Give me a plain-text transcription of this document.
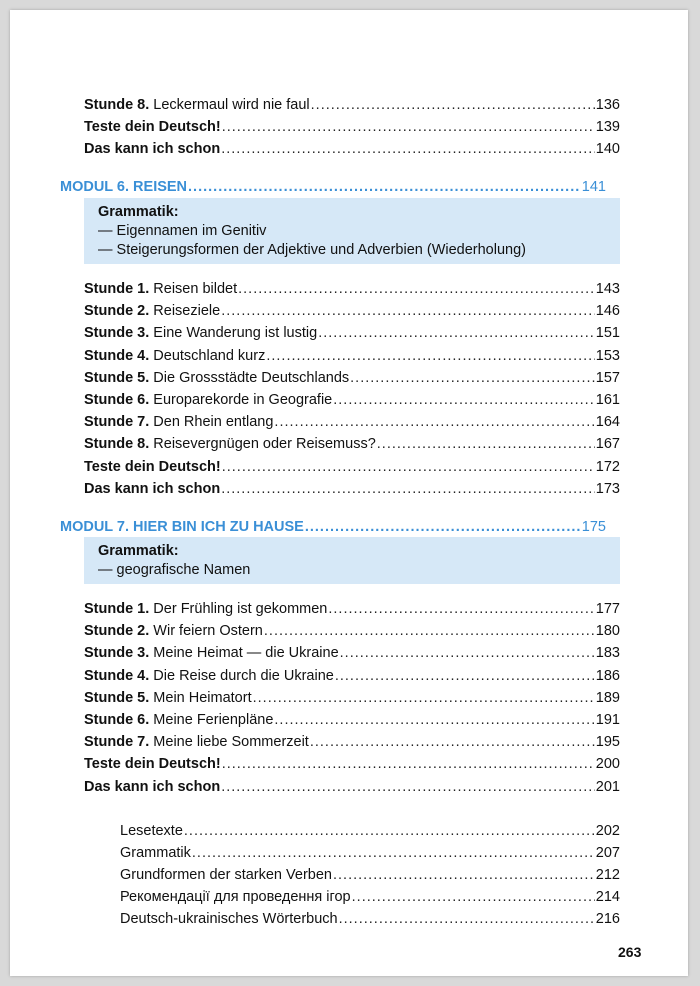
Stunde 8. Leckermaul wird nie faul .....	136
Teste dein Deutsch! .....	139
Das kann ich schon .....	140
MODUL 6. REISEN .....	141
Grammatik:
— Eigennamen im Genitiv
— Steigerungsformen der Adjektive und Adverbien (Wiederholung)
Stunde 1. Reisen bildet .....	143
Stunde 2. Reiseziele .....	146
Stunde 3. Eine Wanderung ist lustig .....	151
Stunde 4. Deutschland kurz .....	153
Stunde 5. Die Grossstädte Deutschlands .....	157
Stunde 6. Europarekorde in Geografie .....	161
Stunde 7. Den Rhein entlang .....	164
Stunde 8. Reisevergnügen oder Reisemuss? .....	167
Teste dein Deutsch! .....	172
Das kann ich schon .....	173
MODUL 7. HIER BIN ICH ZU HAUSE .....	175
Grammatik:
— geografische Namen
Stunde 1. Der Frühling ist gekommen .....	177
Stunde 2. Wir feiern Ostern .....	180
Stunde 3. Meine Heimat — die Ukraine .....	183
Stunde 4. Die Reise durch die Ukraine .....	186
Stunde 5. Mein Heimatort .....	189
Stunde 6. Meine Ferienpläne .....	191
Stunde 7. Meine liebe Sommerzeit .....	195
Teste dein Deutsch! .....	200
Das kann ich schon .....	201
Lesetexte .....	202
Grammatik .....	207
Grundformen der starken Verben .....	212
Рекомендації для проведення ігор .....	214
Deutsch-ukrainisches Wörterbuch .....	216
263
